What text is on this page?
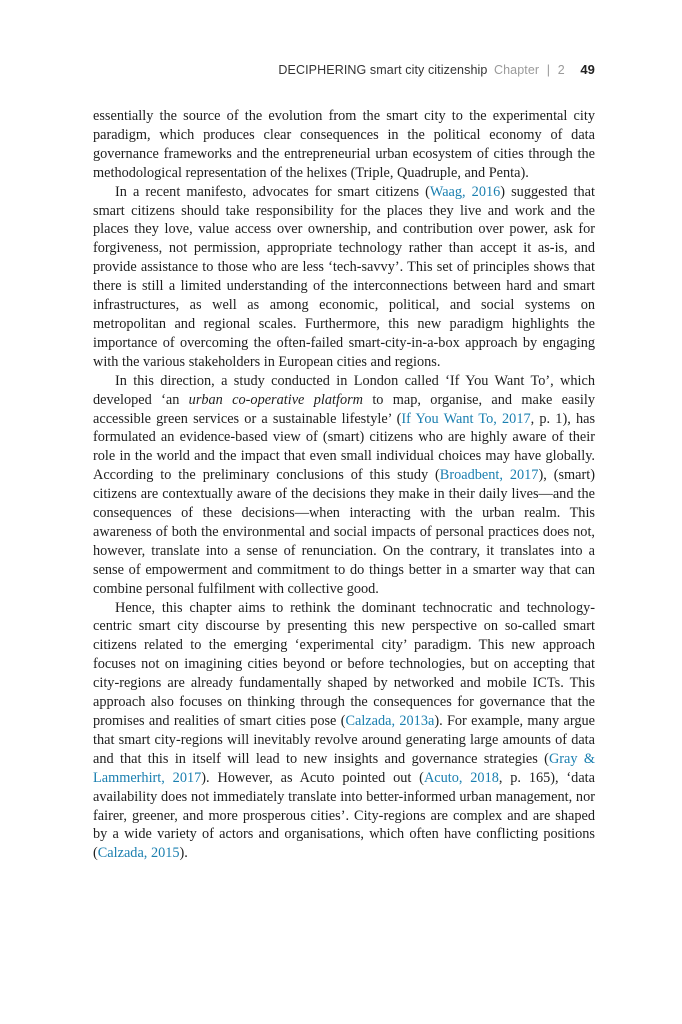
DECIPHERING smart city citizenship Chapter | 2 49

essentially the source of the evolution from the smart city to the experimental city paradigm, which produces clear consequences in the political economy of data governance frameworks and the entrepreneurial urban ecosystem of cities through the methodological representation of the helixes (Triple, Quadruple, and Penta).

In a recent manifesto, advocates for smart citizens (Waag, 2016) suggested that smart citizens should take responsibility for the places they live and work and the places they love, value access over ownership, and contribution over power, ask for forgiveness, not permission, appropriate technology rather than accept it as-is, and provide assistance to those who are less ‘tech-savvy’. This set of principles shows that there is still a limited understanding of the interconnections between hard and smart infrastructures, as well as among economic, political, and social systems on metropolitan and regional scales. Furthermore, this new paradigm highlights the importance of overcoming the often-failed smart-city-in-a-box approach by engaging with the various stakeholders in European cities and regions.

In this direction, a study conducted in London called ‘If You Want To’, which developed ‘an urban co-operative platform to map, organise, and make easily accessible green services or a sustainable lifestyle’ (If You Want To, 2017, p. 1), has formulated an evidence-based view of (smart) citizens who are highly aware of their role in the world and the impact that even small individual choices may have globally. According to the preliminary conclusions of this study (Broadbent, 2017), (smart) citizens are contextually aware of the decisions they make in their daily lives—and the consequences of these decisions—when interacting with the urban realm. This awareness of both the environmental and social impacts of personal practices does not, however, translate into a sense of renunciation. On the contrary, it translates into a sense of empowerment and commitment to do things better in a smarter way that can combine personal fulfilment with collective good.

Hence, this chapter aims to rethink the dominant technocratic and technology-centric smart city discourse by presenting this new perspective on so-called smart citizens related to the emerging ‘experimental city’ paradigm. This new approach focuses not on imagining cities beyond or before technologies, but on accepting that city-regions are already fundamentally shaped by networked and mobile ICTs. This approach also focuses on thinking through the consequences for governance that the promises and realities of smart cities pose (Calzada, 2013a). For example, many argue that smart city-regions will inevitably revolve around generating large amounts of data and that this in itself will lead to new insights and governance strategies (Gray & Lammerhirt, 2017). However, as Acuto pointed out (Acuto, 2018, p. 165), ‘data availability does not immediately translate into better-informed urban management, nor fairer, greener, and more prosperous cities’. City-regions are complex and are shaped by a wide variety of actors and organisations, which often have conflicting positions (Calzada, 2015).
